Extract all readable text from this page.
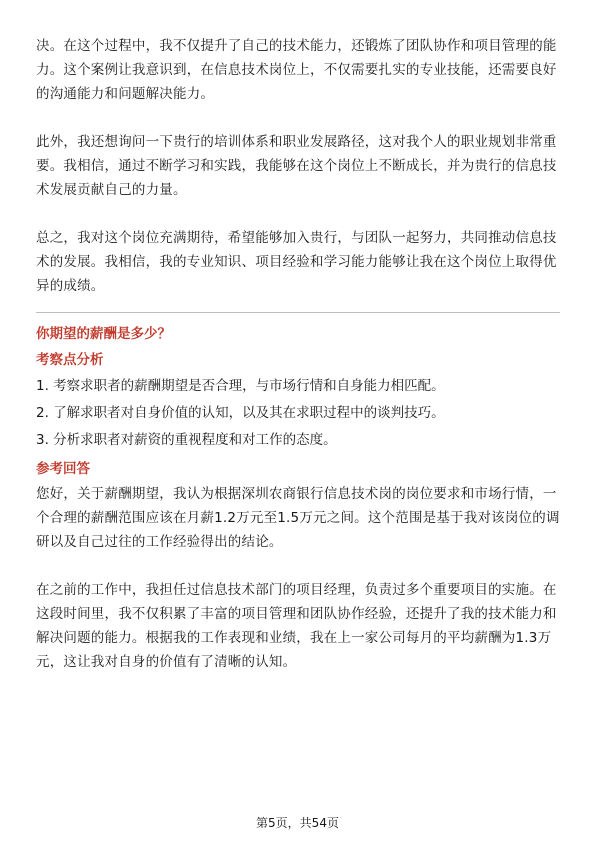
决。在这个过程中，我不仅提升了自己的技术能力，还锻炼了团队协作和项目管理的能力。这个案例让我意识到，在信息技术岗位上，不仅需要扎实的专业技能，还需要良好的沟通能力和问题解决能力。

此外，我还想询问一下贵行的培训体系和职业发展路径，这对我个人的职业规划非常重要。我相信，通过不断学习和实践，我能够在这个岗位上不断成长，并为贵行的信息技术发展贡献自己的力量。

总之，我对这个岗位充满期待，希望能够加入贵行，与团队一起努力，共同推动信息技术的发展。我相信，我的专业知识、项目经验和学习能力能够让我在这个岗位上取得优异的成绩。

你期望的薪酬是多少？

考察点分析

1. 考察求职者的薪酬期望是否合理，与市场行情和自身能力相匹配。

2. 了解求职者对自身价值的认知，以及其在求职过程中的谈判技巧。

3. 分析求职者对薪资的重视程度和对工作的态度。

参考回答

您好，关于薪酬期望，我认为根据深圳农商银行信息技术岗的岗位要求和市场行情，一个合理的薪酬范围应该在月薪1.2万元至1.5万元之间。这个范围是基于我对该岗位的调研以及自己过往的工作经验得出的结论。

在之前的工作中，我担任过信息技术部门的项目经理，负责过多个重要项目的实施。在这段时间里，我不仅积累了丰富的项目管理和团队协作经验，还提升了我的技术能力和解决问题的能力。根据我的工作表现和业绩，我在上一家公司每月的平均薪酬为1.3万元，这让我对自身的价值有了清晰的认知。

第5页，共54页
